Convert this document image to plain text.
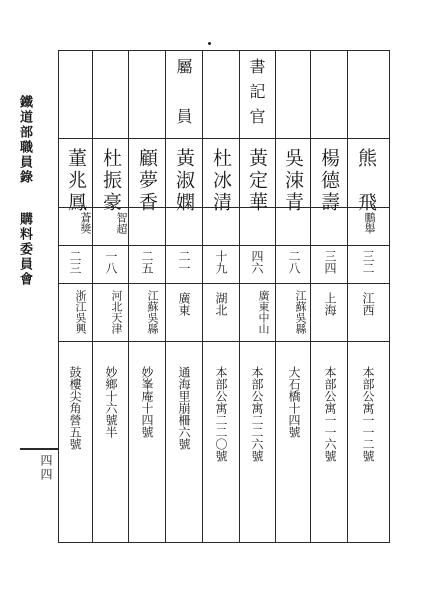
鐵道部職員錄
購料委員會
四四
屬員	書記官
熊　飛
鵬舉
三二
江西
本部公寓一一二號
楊德壽
三四
上海
本部公寓一一六號
吳涑青
二八
江蘇吳縣
大石橋十四號
黃定華
四六
廣東中山
本部公寓二二六號
杜冰清
十九
湖北
本部公寓二二〇號
黃淑嫻
二一
廣東
通海里崩柵六號
顧夢香
二五
江蘇吳縣
妙峯庵十四號
杜振豪
智超
一八
河北天津
妙鄉十六號半
董兆鳳
蒼獎
二三
浙江吳興
鼓樓尖角營五號
